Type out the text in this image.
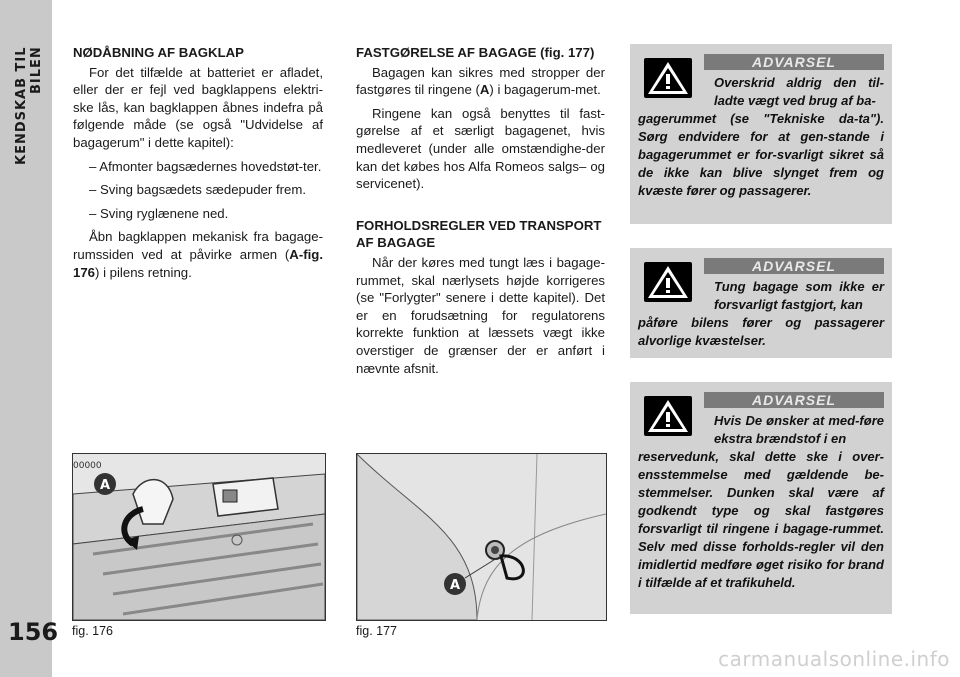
KENDSKAB TIL BILEN
156
NØDÅBNING AF BAGKLAP

For det tilfælde at batteriet er afladet, eller der er fejl ved bagklappens elektri-ske lås, kan bagklappen åbnes indefra på følgende måde (se også "Udvidelse af bagagerum" i dette kapitel):

– Afmonter bagsædernes hovedstøt-ter.

– Sving bagsædets sædepuder frem.

– Sving ryglænene ned.

Åbn bagklappen mekanisk fra bagage-rumssiden ved at påvirke armen (A-fig. 176) i pilens retning.

FASTGØRELSE AF BAGAGE (fig. 177)

Bagagen kan sikres med stropper der fastgøres til ringene (A) i bagagerum-met.

Ringene kan også benyttes til fast-gørelse af et særligt bagagenet, hvis medleveret (under alle omstændighe-der kan det købes hos Alfa Romeos salgs– og servicenet).

FORHOLDSREGLER VED TRANSPORT
AF BAGAGE

Når der køres med tungt læs i bagage-rummet, skal nærlysets højde korrigeres (se "Forlygter" senere i dette kapitel). Det er en forudsætning for regulatorens korrekte funktion at læssets vægt ikke overstiger de grænser der er anført i nævnte afsnit.

00000
A
fig. 176
A
fig. 177
ADVARSEL
Overskrid aldrig den til-ladte vægt ved brug af ba-
gagerummet (se "Tekniske da-ta"). Sørg endvidere for at gen-stande i bagagerummet er for-svarligt sikret så de ikke kan blive slynget frem og kvæste fører og passagerer.
ADVARSEL
Tung bagage som ikke er forsvarligt fastgjort, kan
påføre bilens fører og passagerer alvorlige kvæstelser.
ADVARSEL
Hvis De ønsker at med-føre ekstra brændstof i en
reservedunk, skal dette ske i over-ensstemmelse med gældende be-stemmelser. Dunken skal være af godkendt type og skal fastgøres forsvarligt til ringene i bagage-rummet. Selv med disse forholds-regler vil den imidlertid medføre øget risiko for brand i tilfælde af et trafikuheld.
carmanualsonline.info
